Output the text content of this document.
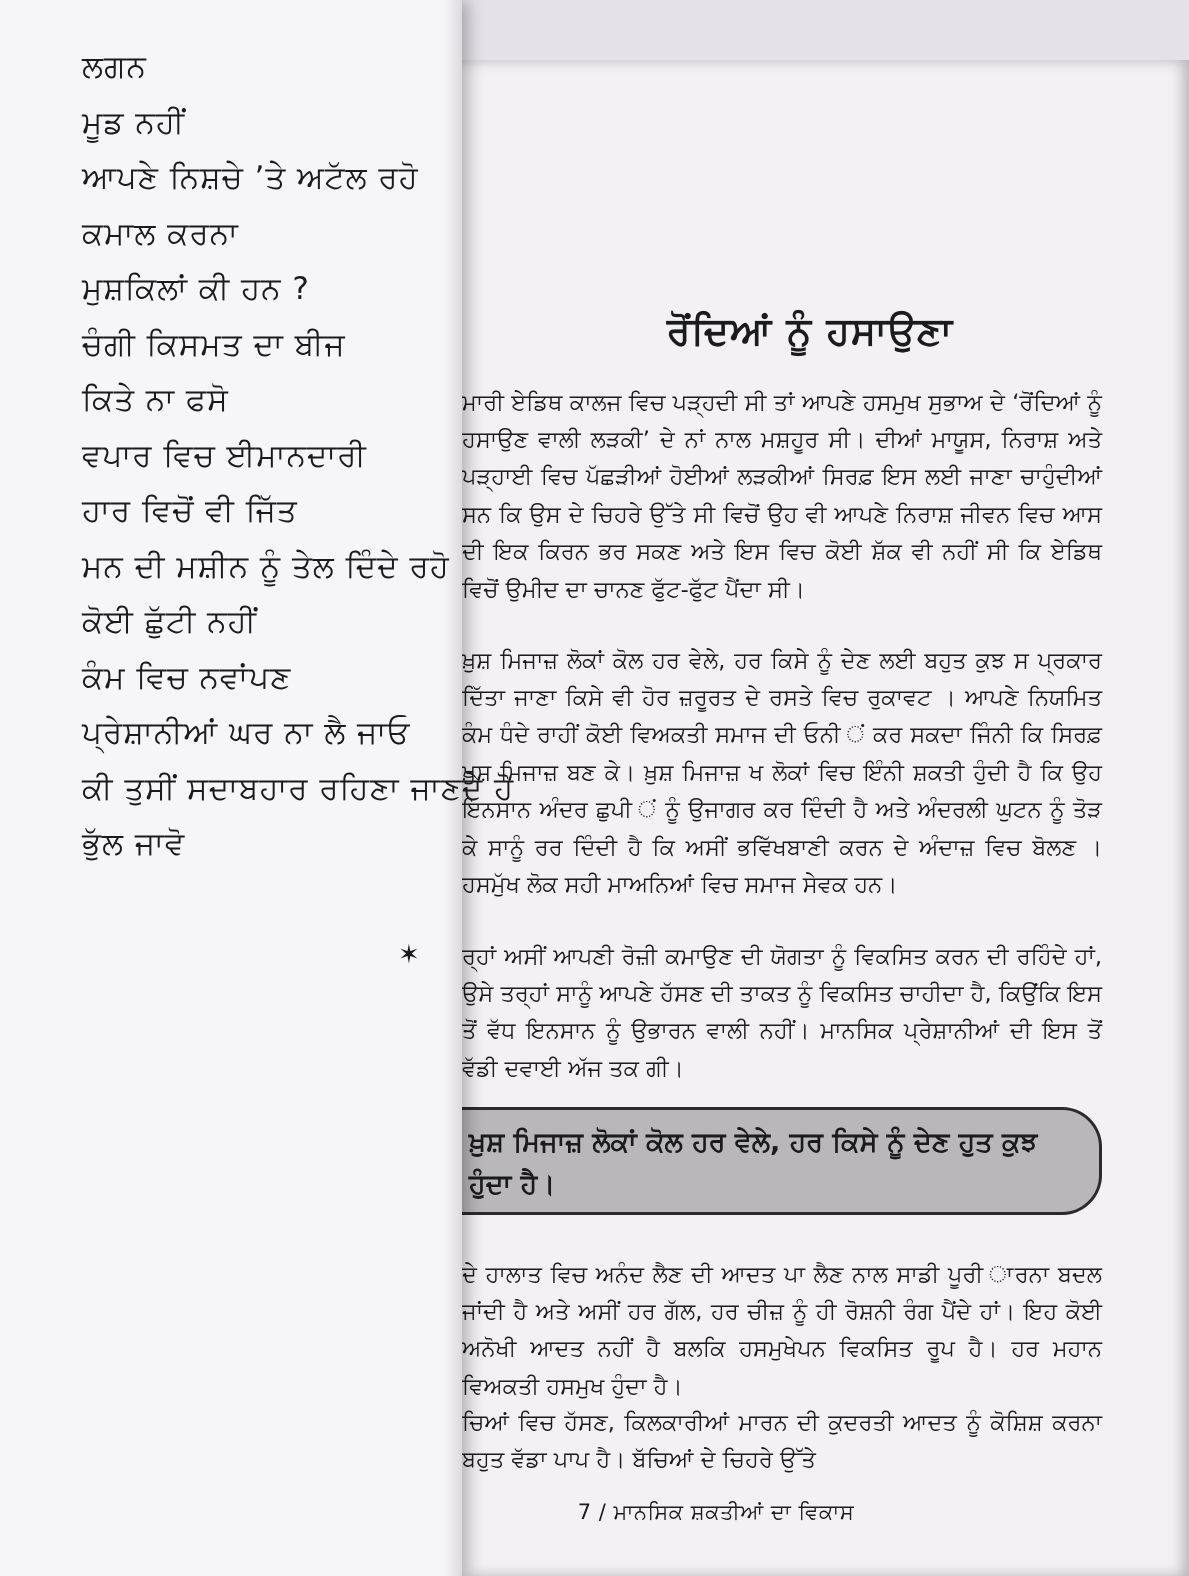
ਰੋਂਦਿਆਂ ਨੂੰ ਹਸਾਉਣਾ

ਮਾਰੀ ਏਡਿਥ ਕਾਲਜ ਵਿਚ ਪੜ੍ਹਦੀ ਸੀ ਤਾਂ ਆਪਣੇ ਹਸਮੁਖ ਸੁਭਾਅ ਦੇ ‘ਰੋਂਦਿਆਂ ਨੂੰ ਹਸਾਉਣ ਵਾਲੀ ਲੜਕੀ’ ਦੇ ਨਾਂ ਨਾਲ ਮਸ਼ਹੂਰ ਸੀ। ਦੀਆਂ ਮਾਯੂਸ, ਨਿਰਾਸ਼ ਅਤੇ ਪੜ੍ਹਾਈ ਵਿਚ ਪੱਛੜੀਆਂ ਹੋਈਆਂ ਲੜਕੀਆਂ ਸਿਰਫ਼ ਇਸ ਲਈ ਜਾਣਾ ਚਾਹੁੰਦੀਆਂ ਸਨ ਕਿ ਉਸ ਦੇ ਚਿਹਰੇ ਉੱਤੇ ਸੀ ਵਿਚੋਂ ਉਹ ਵੀ ਆਪਣੇ ਨਿਰਾਸ਼ ਜੀਵਨ ਵਿਚ ਆਸ ਦੀ ਇਕ ਕਿਰਨ ਭਰ ਸਕਣ ਅਤੇ ਇਸ ਵਿਚ ਕੋਈ ਸ਼ੱਕ ਵੀ ਨਹੀਂ ਸੀ ਕਿ ਏਡਿਥ ਵਿਚੋਂ ਉਮੀਦ ਦਾ ਚਾਨਣ ਫੁੱਟ-ਫੁੱਟ ਪੈਂਦਾ ਸੀ।

ਖ਼ੁਸ਼ ਮਿਜਾਜ਼ ਲੋਕਾਂ ਕੋਲ ਹਰ ਵੇਲੇ, ਹਰ ਕਿਸੇ ਨੂੰ ਦੇਣ ਲਈ ਬਹੁਤ ਕੁਝ ਸ ਪ੍ਰਕਾਰ ਦਿੱਤਾ ਜਾਣਾ ਕਿਸੇ ਵੀ ਹੋਰ ਜ਼ਰੂਰਤ ਦੇ ਰਸਤੇ ਵਿਚ ਰੁਕਾਵਟ । ਆਪਣੇ ਨਿਯਮਿਤ ਕੰਮ ਧੰਦੇ ਰਾਹੀਂ ਕੋਈ ਵਿਅਕਤੀ ਸਮਾਜ ਦੀ ਓਨੀ ਂ ਕਰ ਸਕਦਾ ਜਿੰਨੀ ਕਿ ਸਿਰਫ਼ ਖ਼ੁਸ਼ ਮਿਜਾਜ਼ ਬਣ ਕੇ। ਖ਼ੁਸ਼ ਮਿਜਾਜ਼ ਖ ਲੋਕਾਂ ਵਿਚ ਇੰਨੀ ਸ਼ਕਤੀ ਹੁੰਦੀ ਹੈ ਕਿ ਉਹ ਇਨਸਾਨ ਅੰਦਰ ਛੁਪੀ ਂ ਨੂੰ ਉਜਾਗਰ ਕਰ ਦਿੰਦੀ ਹੈ ਅਤੇ ਅੰਦਰਲੀ ਘੁਟਨ ਨੂੰ ਤੋੜ ਕੇ ਸਾਨੂੰ ਰਰ ਦਿੰਦੀ ਹੈ ਕਿ ਅਸੀਂ ਭਵਿੱਖਬਾਣੀ ਕਰਨ ਦੇ ਅੰਦਾਜ਼ ਵਿਚ ਬੋਲਣ । ਹਸਮੁੱਖ ਲੋਕ ਸਹੀ ਮਾਅਨਿਆਂ ਵਿਚ ਸਮਾਜ ਸੇਵਕ ਹਨ।

ਰ੍ਹਾਂ ਅਸੀਂ ਆਪਣੀ ਰੋਜ਼ੀ ਕਮਾਉਣ ਦੀ ਯੋਗਤਾ ਨੂੰ ਵਿਕਸਿਤ ਕਰਨ ਦੀ ਰਹਿੰਦੇ ਹਾਂ, ਉਸੇ ਤਰ੍ਹਾਂ ਸਾਨੂੰ ਆਪਣੇ ਹੱਸਣ ਦੀ ਤਾਕਤ ਨੂੰ ਵਿਕਸਿਤ ਚਾਹੀਦਾ ਹੈ, ਕਿਉਂਕਿ ਇਸ ਤੋਂ ਵੱਧ ਇਨਸਾਨ ਨੂੰ ਉਭਾਰਨ ਵਾਲੀ ਨਹੀਂ। ਮਾਨਸਿਕ ਪ੍ਰੇਸ਼ਾਨੀਆਂ ਦੀ ਇਸ ਤੋਂ ਵੱਡੀ ਦਵਾਈ ਅੱਜ ਤਕ ਗੀ।

ਖ਼ੁਸ਼ ਮਿਜਾਜ਼ ਲੋਕਾਂ ਕੋਲ ਹਰ ਵੇਲੇ, ਹਰ ਕਿਸੇ ਨੂੰ ਦੇਣ ਹੁਤ ਕੁਝ ਹੁੰਦਾ ਹੈ।

ਦੇ ਹਾਲਾਤ ਵਿਚ ਅਨੰਦ ਲੈਣ ਦੀ ਆਦਤ ਪਾ ਲੈਣ ਨਾਲ ਸਾਡੀ ਪੂਰੀ ਾਰਨਾ ਬਦਲ ਜਾਂਦੀ ਹੈ ਅਤੇ ਅਸੀਂ ਹਰ ਗੱਲ, ਹਰ ਚੀਜ਼ ਨੂੰ ਹੀ ਰੋਸ਼ਨੀ ਰੰਗ ਪੈਂਦੇ ਹਾਂ। ਇਹ ਕੋਈ ਅਨੋਖੀ ਆਦਤ ਨਹੀਂ ਹੈ ਬਲਕਿ ਹਸਮੁਖੇਪਨ ਵਿਕਸਿਤ ਰੂਪ ਹੈ। ਹਰ ਮਹਾਨ ਵਿਅਕਤੀ ਹਸਮੁਖ ਹੁੰਦਾ ਹੈ।

ਚਿਆਂ ਵਿਚ ਹੱਸਣ, ਕਿਲਕਾਰੀਆਂ ਮਾਰਨ ਦੀ ਕੁਦਰਤੀ ਆਦਤ ਨੂੰ ਕੋਸ਼ਿਸ਼ ਕਰਨਾ ਬਹੁਤ ਵੱਡਾ ਪਾਪ ਹੈ। ਬੱਚਿਆਂ ਦੇ ਚਿਹਰੇ ਉੱਤੇ

7 / ਮਾਨਸਿਕ ਸ਼ਕਤੀਆਂ ਦਾ ਵਿਕਾਸ
ਲਗਨ
ਮੂਡ ਨਹੀਂ
ਆਪਣੇ ਨਿਸ਼ਚੇ ’ਤੇ ਅਟੱਲ ਰਹੋ
ਕਮਾਲ ਕਰਨਾ
ਮੁਸ਼ਕਿਲਾਂ ਕੀ ਹਨ ?
ਚੰਗੀ ਕਿਸਮਤ ਦਾ ਬੀਜ
ਕਿਤੇ ਨਾ ਫਸੋ
ਵਪਾਰ ਵਿਚ ਈਮਾਨਦਾਰੀ
ਹਾਰ ਵਿਚੋਂ ਵੀ ਜਿੱਤ
ਮਨ ਦੀ ਮਸ਼ੀਨ ਨੂੰ ਤੇਲ ਦਿੰਦੇ ਰਹੋ
ਕੋਈ ਛੁੱਟੀ ਨਹੀਂ
ਕੰਮ ਵਿਚ ਨਵਾਂਪਣ
ਪ੍ਰੇਸ਼ਾਨੀਆਂ ਘਰ ਨਾ ਲੈ ਜਾਓ
ਕੀ ਤੁਸੀਂ ਸਦਾਬਹਾਰ ਰਹਿਣਾ ਜਾਣਦੇ ਹੋ
ਭੁੱਲ ਜਾਵੋ
✶
